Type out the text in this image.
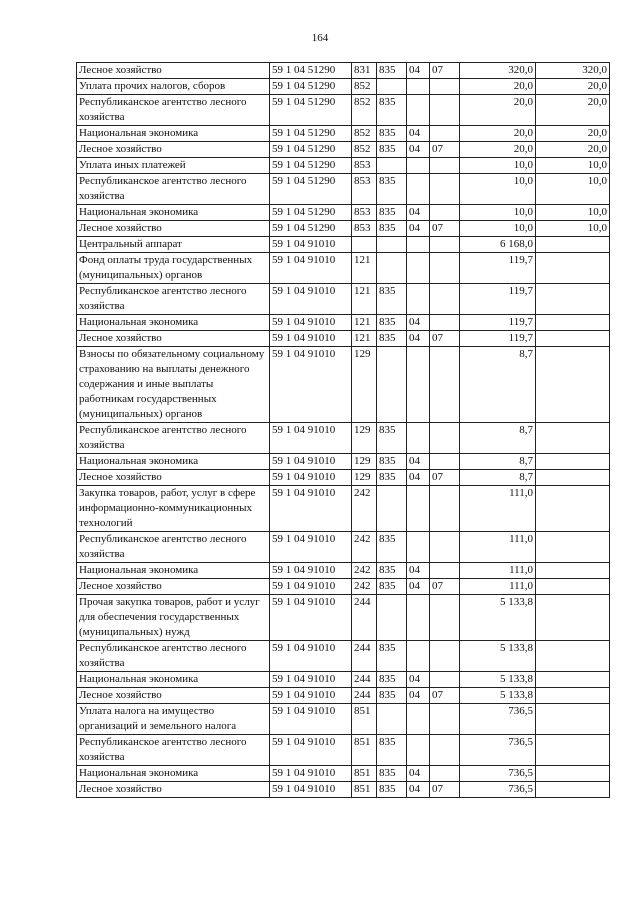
164
Лесное хозяйство	59 1 04 51290	831	835	04	07	320,0	320,0
Уплата прочих налогов, сборов	59 1 04 51290	852				20,0	20,0
Республиканское агентство лесного хозяйства	59 1 04 51290	852	835			20,0	20,0
Национальная экономика	59 1 04 51290	852	835	04		20,0	20,0
Лесное хозяйство	59 1 04 51290	852	835	04	07	20,0	20,0
Уплата иных платежей	59 1 04 51290	853				10,0	10,0
Республиканское агентство лесного хозяйства	59 1 04 51290	853	835			10,0	10,0
Национальная экономика	59 1 04 51290	853	835	04		10,0	10,0
Лесное хозяйство	59 1 04 51290	853	835	04	07	10,0	10,0
Центральный аппарат	59 1 04 91010					6 168,0	
Фонд оплаты труда государственных (муниципальных) органов	59 1 04 91010	121				119,7	
Республиканское агентство лесного хозяйства	59 1 04 91010	121	835			119,7	
Национальная экономика	59 1 04 91010	121	835	04		119,7	
Лесное хозяйство	59 1 04 91010	121	835	04	07	119,7	
Взносы по обязательному социальному страхованию на выплаты денежного содержания и иные выплаты работникам государственных (муниципальных) органов	59 1 04 91010	129				8,7	
Республиканское агентство лесного хозяйства	59 1 04 91010	129	835			8,7	
Национальная экономика	59 1 04 91010	129	835	04		8,7	
Лесное хозяйство	59 1 04 91010	129	835	04	07	8,7	
Закупка товаров, работ, услуг в сфере информационно-коммуникационных технологий	59 1 04 91010	242				111,0	
Республиканское агентство лесного хозяйства	59 1 04 91010	242	835			111,0	
Национальная экономика	59 1 04 91010	242	835	04		111,0	
Лесное хозяйство	59 1 04 91010	242	835	04	07	111,0	
Прочая закупка товаров, работ и услуг для обеспечения государственных (муниципальных) нужд	59 1 04 91010	244				5 133,8	
Республиканское агентство лесного хозяйства	59 1 04 91010	244	835			5 133,8	
Национальная экономика	59 1 04 91010	244	835	04		5 133,8	
Лесное хозяйство	59 1 04 91010	244	835	04	07	5 133,8	
Уплата налога на имущество организаций и земельного налога	59 1 04 91010	851				736,5	
Республиканское агентство лесного хозяйства	59 1 04 91010	851	835			736,5	
Национальная экономика	59 1 04 91010	851	835	04		736,5	
Лесное хозяйство	59 1 04 91010	851	835	04	07	736,5	
